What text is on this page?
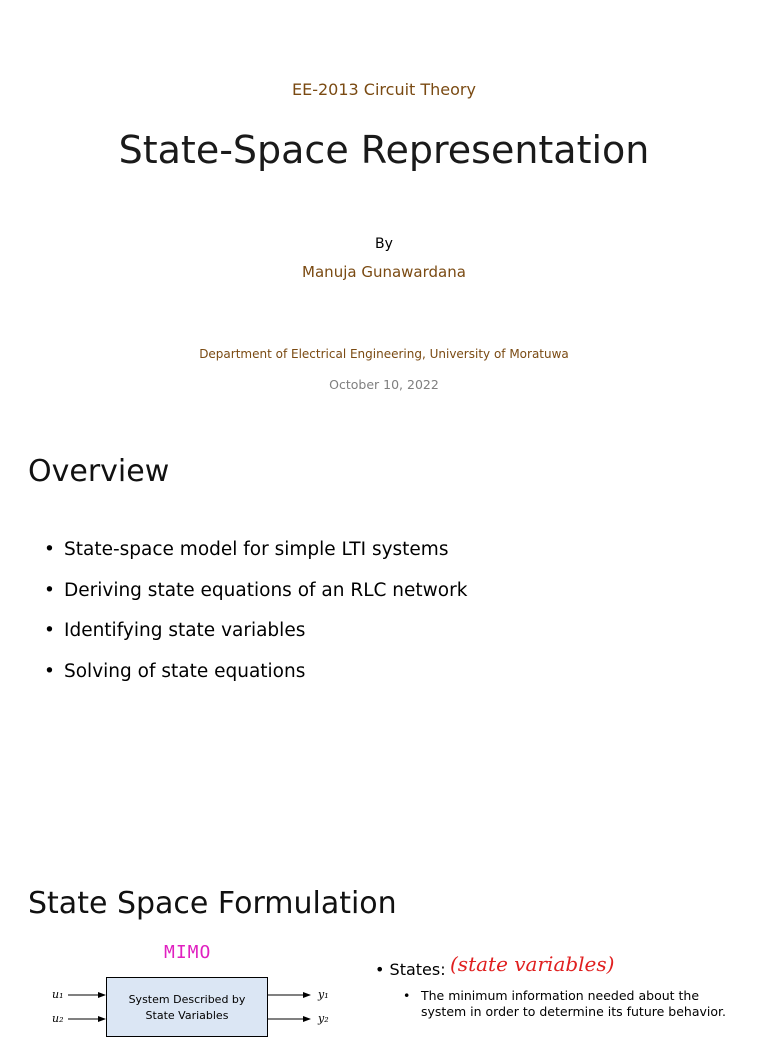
EE-2013 Circuit Theory
State-Space Representation
By
Manuja Gunawardana
Department of Electrical Engineering, University of Moratuwa
October 10, 2022
Overview
• State-space model for simple LTI systems
• Deriving state equations of an RLC network
• Identifying state variables
• Solving of state equations
State Space Formulation
MIMO
u₁
u₂
y₁
y₂
System Described by
State Variables
• States: (state variables)
• The minimum information needed about the system in order to determine its future behavior.
